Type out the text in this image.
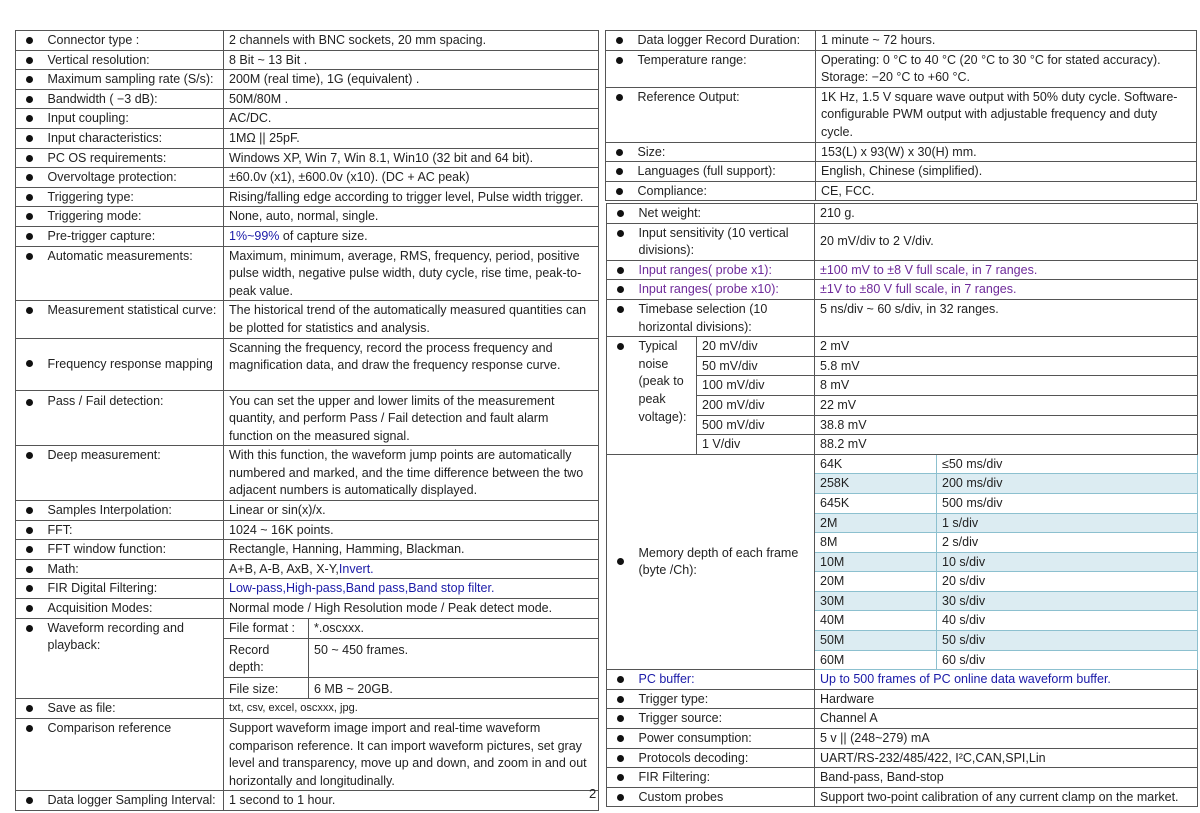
	Connector type :	2 channels with BNC sockets, 20 mm spacing.	
	Vertical resolution:	8 Bit ~ 13 Bit .	
	Maximum sampling rate (S/s):	200M (real time), 1G (equivalent) .	
	Bandwidth ( −3 dB):	50M/80M .	
	Input coupling:	AC/DC.	
	Input characteristics:	1MΩ || 25pF.	
	PC OS requirements:	Windows XP, Win 7, Win 8.1, Win10 (32 bit and 64 bit).	
	Overvoltage protection:	±60.0v (x1), ±600.0v (x10). (DC + AC peak)	
	Triggering type:	Rising/falling edge according to trigger level, Pulse width trigger.	
	Triggering mode:	None, auto, normal, single.	
	Pre-trigger capture:	1%~99% of capture size.	
	Automatic measurements:	Maximum, minimum, average, RMS, frequency, period, positive pulse width, negative pulse width, duty cycle, rise time, peak-to-peak value.	
	Measurement statistical curve:	The historical trend of the automatically measured quantities can be plotted for statistics and analysis.	
	Frequency response mapping	Scanning the frequency, record the process frequency and magnification data, and draw the frequency response curve.	
	Pass / Fail detection:	You can set the upper and lower limits of the measurement quantity, and perform Pass / Fail detection and fault alarm function on the measured signal.	
	Deep measurement:	With this function, the waveform jump points are automatically numbered and marked, and the time difference between the two adjacent numbers is automatically displayed.	
	Samples Interpolation:	Linear or sin(x)/x.	
	FFT:	1024 ~ 16K points.	
	FFT window function:	Rectangle, Hanning, Hamming, Blackman.	
	Math:	A+B, A-B, AxB, X-Y,Invert.	
	FIR Digital Filtering:	Low-pass,High-pass,Band pass,Band stop filter.	
	Acquisition Modes:	Normal mode / High Resolution mode / Peak detect mode.	
	Waveform recording and playback:	File format :	*.oscxxx.
		Record depth:	50 ~ 450 frames.
		File size:	6 MB ~ 20GB.
	Save as file:	txt, csv, excel, oscxxx, jpg.	
	Comparison reference	Support waveform image import and real-time waveform comparison reference. It can import waveform pictures, set gray level and transparency, move up and down, and zoom in and out horizontally and longitudinally.	
	Data logger Sampling Interval:	1 second to 1 hour.		2
	Data logger Record Duration:	1 minute ~ 72 hours.
	Temperature range:	Operating: 0 °C to 40 °C (20 °C to 30 °C for stated accuracy). Storage: −20 °C to +60 °C.
	Reference Output:	1K Hz, 1.5 V square wave output with 50% duty cycle. Software-configurable PWM output with adjustable frequency and duty cycle.
	Size:	153(L) x 93(W) x 30(H) mm.
	Languages (full support):	English, Chinese (simplified).
	Compliance:	CE, FCC.
	Net weight:		210 g.	
	Input sensitivity (10 vertical divisions):		20 mV/div to 2 V/div.	
	Input ranges( probe x1):		±100 mV to ±8 V full scale, in 7 ranges.	
	Input ranges( probe x10):		±1V to ±80 V full scale, in 7 ranges.	
	Timebase selection (10 horizontal divisions):		5 ns/div ~ 60 s/div, in 32 ranges.	
	Typical noise (peak to peak voltage):	20 mV/div	2 mV	
		50 mV/div	5.8 mV	
		100 mV/div	8 mV	
		200 mV/div	22 mV	
		500 mV/div	38.8 mV	
		1 V/div	88.2 mV	
	Memory depth of each frame (byte /Ch):		64K	≤50 ms/div
			258K	200 ms/div
			645K	500 ms/div
			2M	1 s/div
			8M	2 s/div
			10M	10 s/div
			20M	20 s/div
			30M	30 s/div
			40M	40 s/div
			50M	50 s/div
			60M	60 s/div
	PC buffer:		Up to 500 frames of PC online data waveform buffer.	
	Trigger type:		Hardware	
	Trigger source:		Channel A	
	Power consumption:		5 v || (248~279) mA	
	Protocols decoding:		UART/RS-232/485/422, I²C,CAN,SPI,Lin	
	FIR Filtering:		Band-pass, Band-stop	
	Custom probes		Support two-point calibration of any current clamp on the market.	
